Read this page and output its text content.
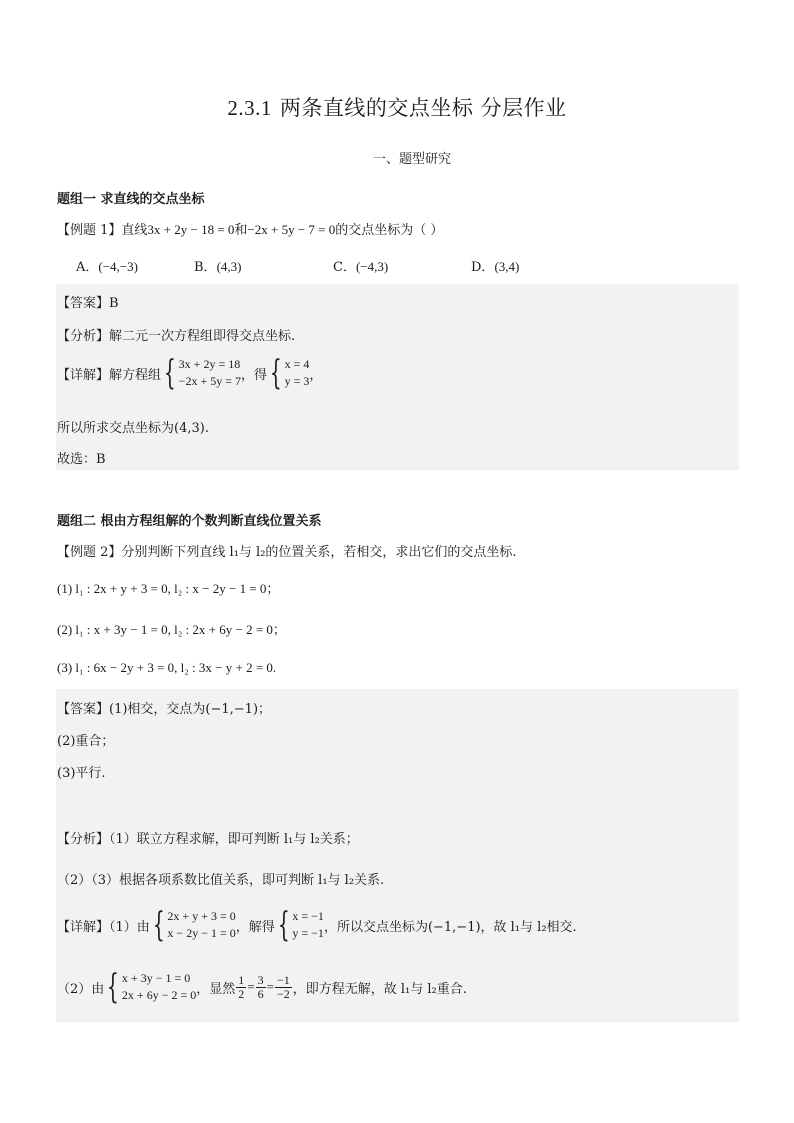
2.3.1 两条直线的交点坐标 分层作业
一、题型研究
题组一 求直线的交点坐标
【例题 1】直线3x + 2y − 18 = 0和−2x + 5y − 7 = 0的交点坐标为（ ）
A．(−4,−3)	B．(4,3)	C．(−4,3)	D．(3,4)
【答案】B
【分析】解二元一次方程组即得交点坐标.
【详解】 解方程组 { 3x + 2y = 18
−2x + 5y = 7 ，得 { x = 4
y = 3 ，
所以所求交点坐标为(4,3).
故选：B
题组二 根由方程组解的个数判断直线位置关系
【例题 2】分别判断下列直线 l₁与 l₂的位置关系，若相交，求出它们的交点坐标.
(1) l₁ : 2x + y + 3 = 0, l₂ : x − 2y − 1 = 0；
(2) l₁ : x + 3y − 1 = 0, l₂ : 2x + 6y − 2 = 0；
(3) l₁ : 6x − 2y + 3 = 0, l₂ : 3x − y + 2 = 0.
【答案】(1)相交，交点为(−1,−1)；
(2)重合；
(3)平行.
【分析】（1）联立方程求解，即可判断 l₁与 l₂关系；
（2）（3）根据各项系数比值关系，即可判断 l₁与 l₂关系.
【详解】（1）由 { 2x + y + 3 = 0
x − 2y − 1 = 0 ，解得 { x = −1
y = −1 ，所以交点坐标为(−1,−1)，故 l₁与 l₂相交.
（2）由 { x + 3y − 1 = 0
2x + 6y − 2 = 0 ，显然 $\frac{1}{2} = \frac{3}{6} = \frac{-1}{-2}$ ，即方程无解，故 l₁与 l₂重合.
